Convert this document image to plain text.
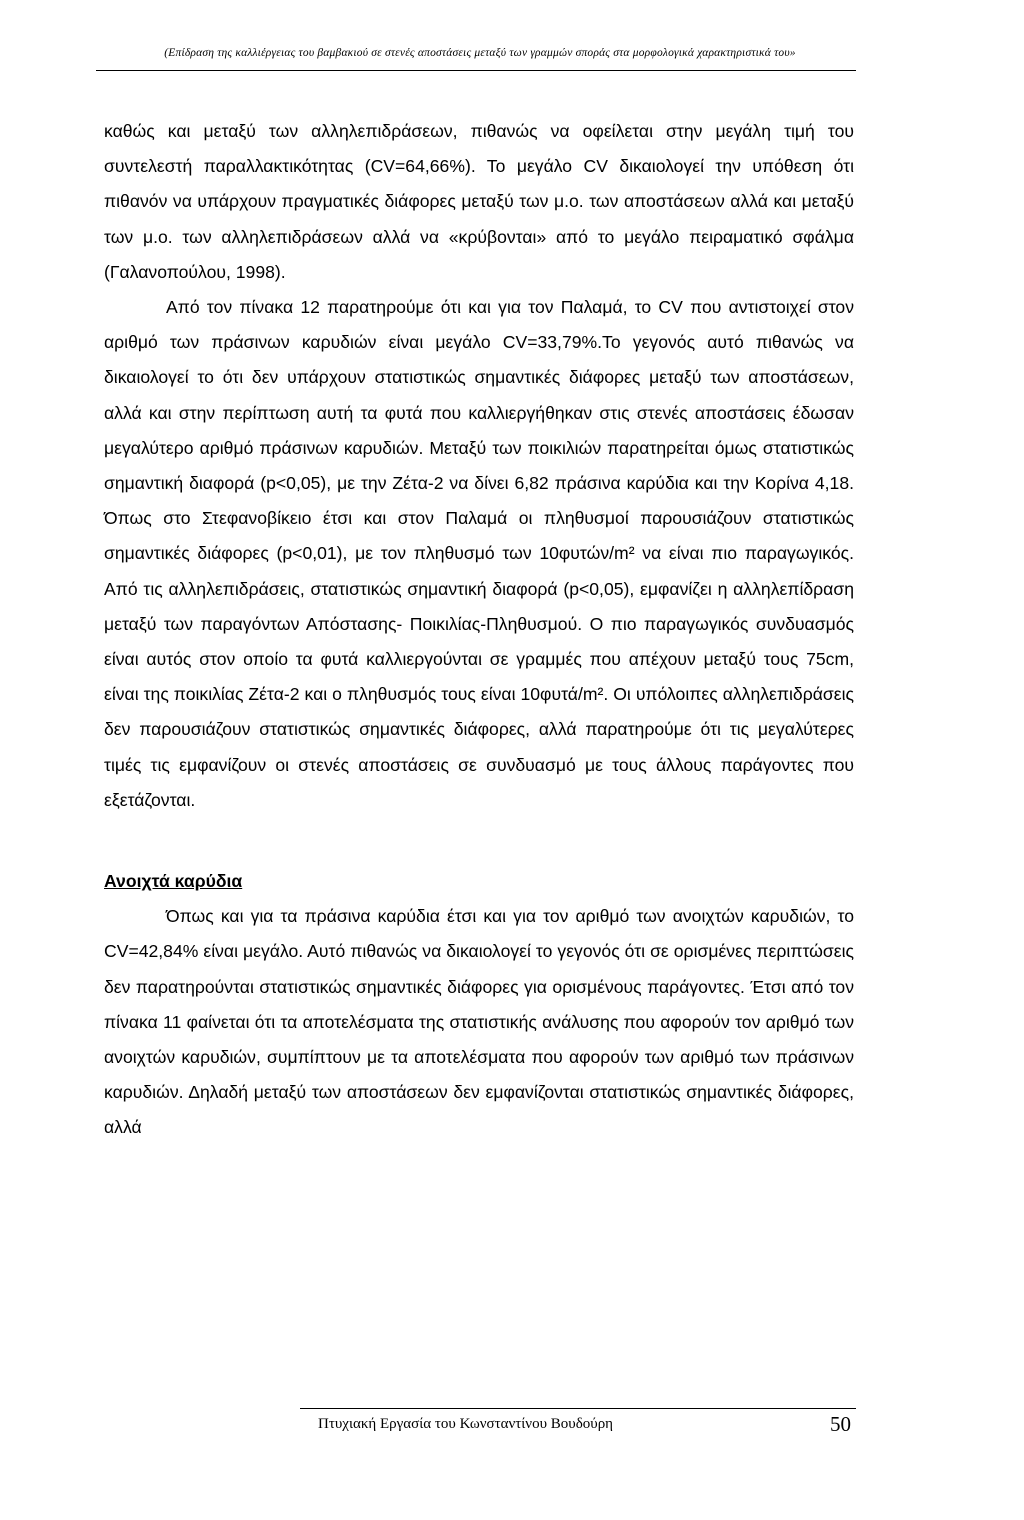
(Επίδραση της καλλιέργειας του βαμβακιού σε στενές αποστάσεις μεταξύ των γραμμών σποράς στα μορφολογικά χαρακτηριστικά του»

καθώς και μεταξύ των αλληλεπιδράσεων, πιθανώς να οφείλεται στην μεγάλη τιμή του συντελεστή παραλλακτικότητας (CV=64,66%). Το μεγάλο CV δικαιολογεί την υπόθεση ότι πιθανόν να υπάρχουν πραγματικές διάφορες μεταξύ των μ.ο. των αποστάσεων αλλά και μεταξύ των μ.ο. των αλληλεπιδράσεων αλλά να «κρύβονται» από το μεγάλο πειραματικό σφάλμα (Γαλανοπούλου, 1998).

Από τον πίνακα 12 παρατηρούμε ότι και για τον Παλαμά, το CV που αντιστοιχεί στον αριθμό των πράσινων καρυδιών είναι μεγάλο CV=33,79%.Το γεγονός αυτό πιθανώς να δικαιολογεί το ότι δεν υπάρχουν στατιστικώς σημαντικές διάφορες μεταξύ των αποστάσεων, αλλά και στην περίπτωση αυτή τα φυτά που καλλιεργήθηκαν στις στενές αποστάσεις έδωσαν μεγαλύτερο αριθμό πράσινων καρυδιών. Μεταξύ των ποικιλιών παρατηρείται όμως στατιστικώς σημαντική διαφορά (p<0,05), με την Ζέτα-2 να δίνει 6,82 πράσινα καρύδια και την Κορίνα 4,18. Όπως στο Στεφανοβίκειο έτσι και στον Παλαμά οι πληθυσμοί παρουσιάζουν στατιστικώς σημαντικές διάφορες (p<0,01), με τον πληθυσμό των 10φυτών/m² να είναι πιο παραγωγικός. Από τις αλληλεπιδράσεις, στατιστικώς σημαντική διαφορά (p<0,05), εμφανίζει η αλληλεπίδραση μεταξύ των παραγόντων Απόστασης- Ποικιλίας-Πληθυσμού. Ο πιο παραγωγικός συνδυασμός είναι αυτός στον οποίο τα φυτά καλλιεργούνται σε γραμμές που απέχουν μεταξύ τους 75cm, είναι της ποικιλίας Ζέτα-2 και ο πληθυσμός τους είναι 10φυτά/m². Οι υπόλοιπες αλληλεπιδράσεις δεν παρουσιάζουν στατιστικώς σημαντικές διάφορες, αλλά παρατηρούμε ότι τις μεγαλύτερες τιμές τις εμφανίζουν οι στενές αποστάσεις σε συνδυασμό με τους άλλους παράγοντες που εξετάζονται.

Ανοιχτά καρύδια

Όπως και για τα πράσινα καρύδια έτσι και για τον αριθμό των ανοιχτών καρυδιών, το CV=42,84% είναι μεγάλο. Αυτό πιθανώς να δικαιολογεί το γεγονός ότι σε ορισμένες περιπτώσεις δεν παρατηρούνται στατιστικώς σημαντικές διάφορες για ορισμένους παράγοντες. Έτσι από τον πίνακα 11 φαίνεται ότι τα αποτελέσματα της στατιστικής ανάλυσης που αφορούν τον αριθμό των ανοιχτών καρυδιών, συμπίπτουν με τα αποτελέσματα που αφορούν των αριθμό των πράσινων καρυδιών. Δηλαδή μεταξύ των αποστάσεων δεν εμφανίζονται στατιστικώς σημαντικές διάφορες, αλλά

Πτυχιακή Εργασία του Κωνσταντίνου Βουδούρη	50
